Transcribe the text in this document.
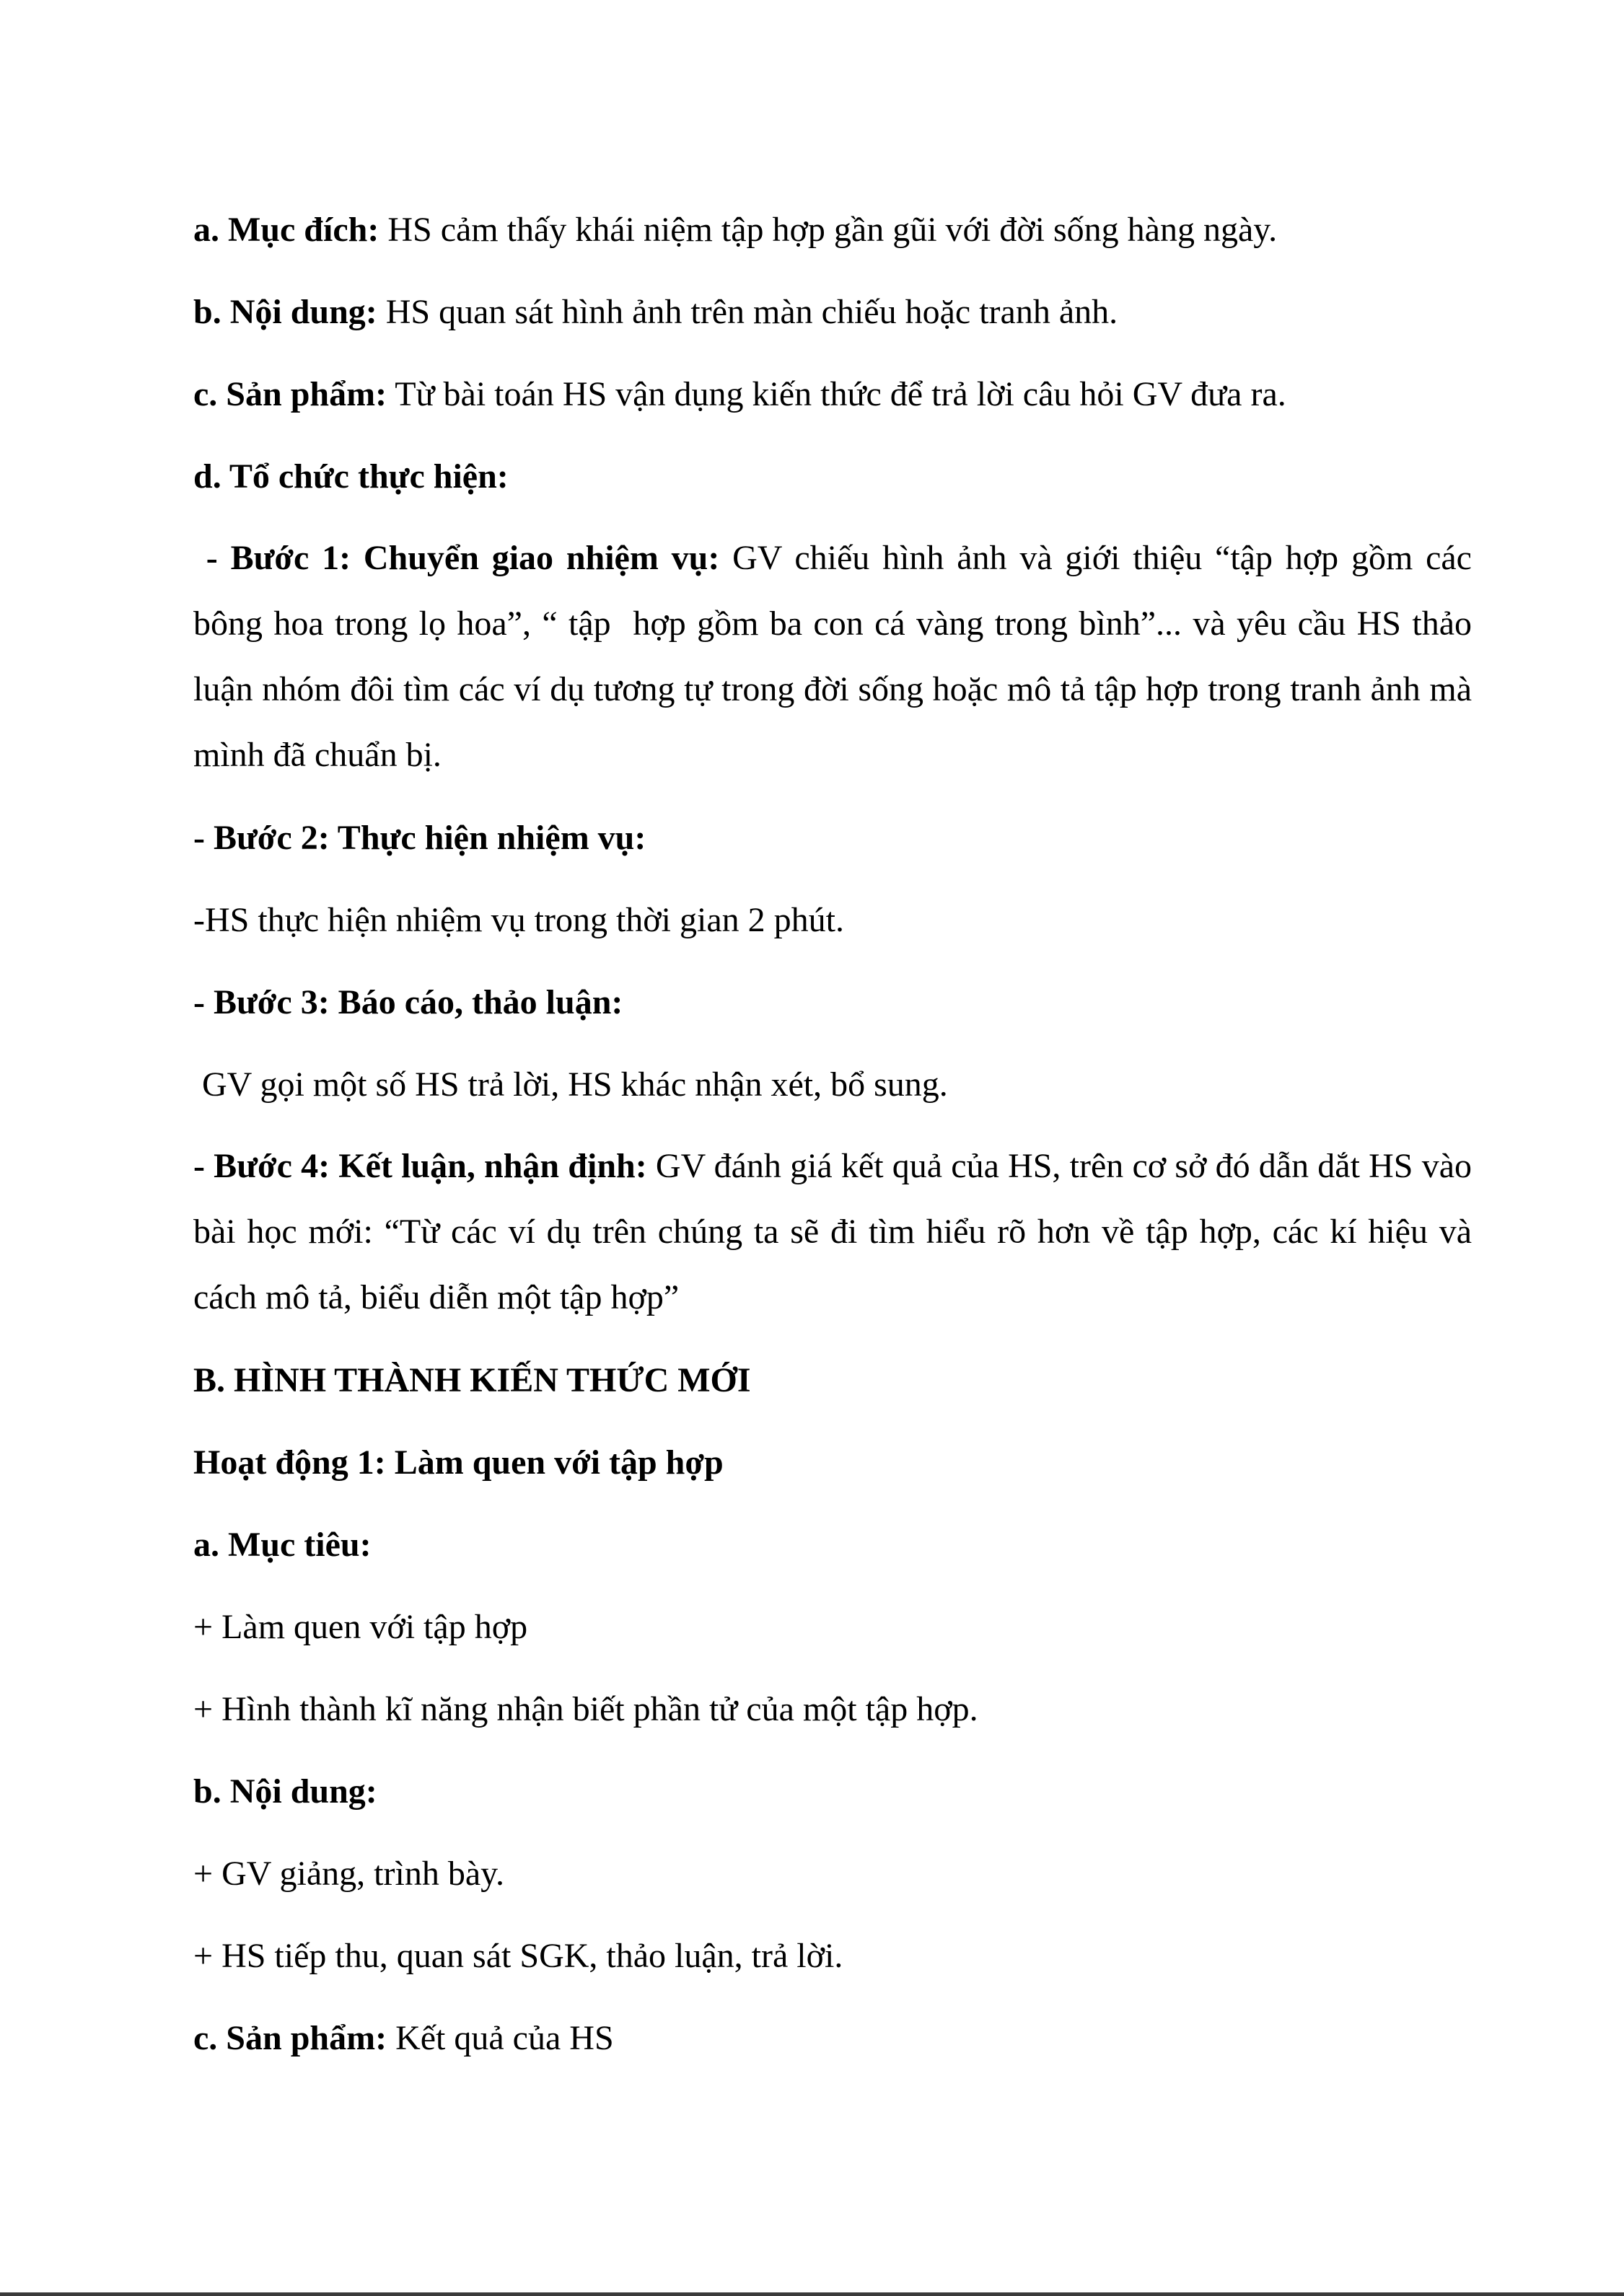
a. Mục đích: HS cảm thấy khái niệm tập hợp gần gũi với đời sống hàng ngày.

b. Nội dung: HS quan sát hình ảnh trên màn chiếu hoặc tranh ảnh.

c. Sản phẩm: Từ bài toán HS vận dụng kiến thức để trả lời câu hỏi GV đưa ra.

d. Tổ chức thực hiện:

- Bước 1: Chuyển giao nhiệm vụ: GV chiếu hình ảnh và giới thiệu “tập hợp gồm các bông hoa trong lọ hoa”, “ tập  hợp gồm ba con cá vàng trong bình”... và yêu cầu HS thảo luận nhóm đôi tìm các ví dụ tương tự trong đời sống hoặc mô tả tập hợp trong tranh ảnh mà mình đã chuẩn bị.

- Bước 2: Thực hiện nhiệm vụ:

-HS thực hiện nhiệm vụ trong thời gian 2 phút.

- Bước 3: Báo cáo, thảo luận:

GV gọi một số HS trả lời, HS khác nhận xét, bổ sung.

- Bước 4: Kết luận, nhận định: GV đánh giá kết quả của HS, trên cơ sở đó dẫn dắt HS vào bài học mới: “Từ các ví dụ trên chúng ta sẽ đi tìm hiểu rõ hơn về tập hợp, các kí hiệu và cách mô tả, biểu diễn một tập hợp”

B. HÌNH THÀNH KIẾN THỨC MỚI

Hoạt động 1: Làm quen với tập hợp

a. Mục tiêu:

+ Làm quen với tập hợp

+ Hình thành kĩ năng nhận biết phần tử của một tập hợp.

b. Nội dung:

+ GV giảng, trình bày.

+ HS tiếp thu, quan sát SGK, thảo luận, trả lời.

c. Sản phẩm: Kết quả của HS
